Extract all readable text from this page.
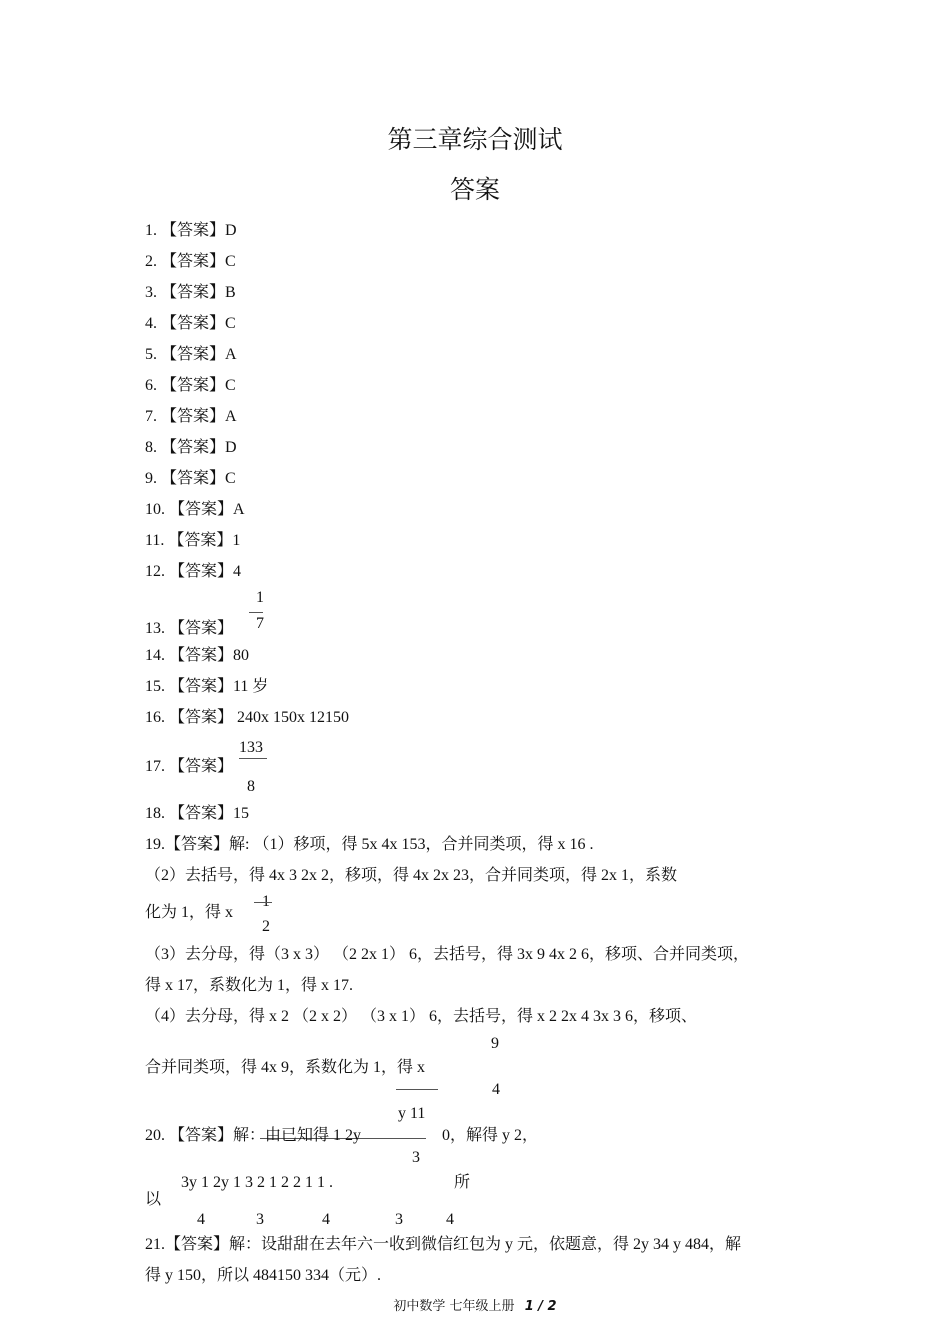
第三章综合测试
答案
1. 【答案】D
2. 【答案】C
3. 【答案】B
4. 【答案】C
5. 【答案】A
6. 【答案】C
7. 【答案】A
8. 【答案】D
9. 【答案】C
10. 【答案】A
11. 【答案】1
12. 【答案】4
13. 【答案】
1
7
14. 【答案】80
15. 【答案】11 岁
16. 【答案】 240x 150x 12150
17. 【答案】
133
8
18. 【答案】15
19.【答案】解: （1）移项，得 5x 4x 153，合并同类项，得 x 16 .
（2）去括号，得 4x 3 2x 2，移项，得 4x 2x 23，合并同类项，得 2x 1，系数
化为 1，得 x
1
2
（3）去分母，得（3 x 3） （2 2x 1） 6，去括号，得 3x 9 4x 2 6，移项、合并同类项，
得 x 17，系数化为 1，得 x 17.
（4）去分母，得 x 2 （2 x 2） （3 x 1） 6，去括号，得 x 2 2x 4 3x 3 6，移项、
9
合并同类项，得 4x 9，系数化为 1，得 x
4
y 11
20. 【答案】解：由已知得 1 2y	0，解得 y 2，
3
3y 1 2y 1 3 2 1 2 2 1 1 .	所
以
4	3	4	3	4
21.【答案】解：设甜甜在去年六一收到微信红包为 y 元，依题意，得 2y 34 y 484，解
得 y 150，所以 484150 334（元）.
初中数学 七年级上册 1 / 2
